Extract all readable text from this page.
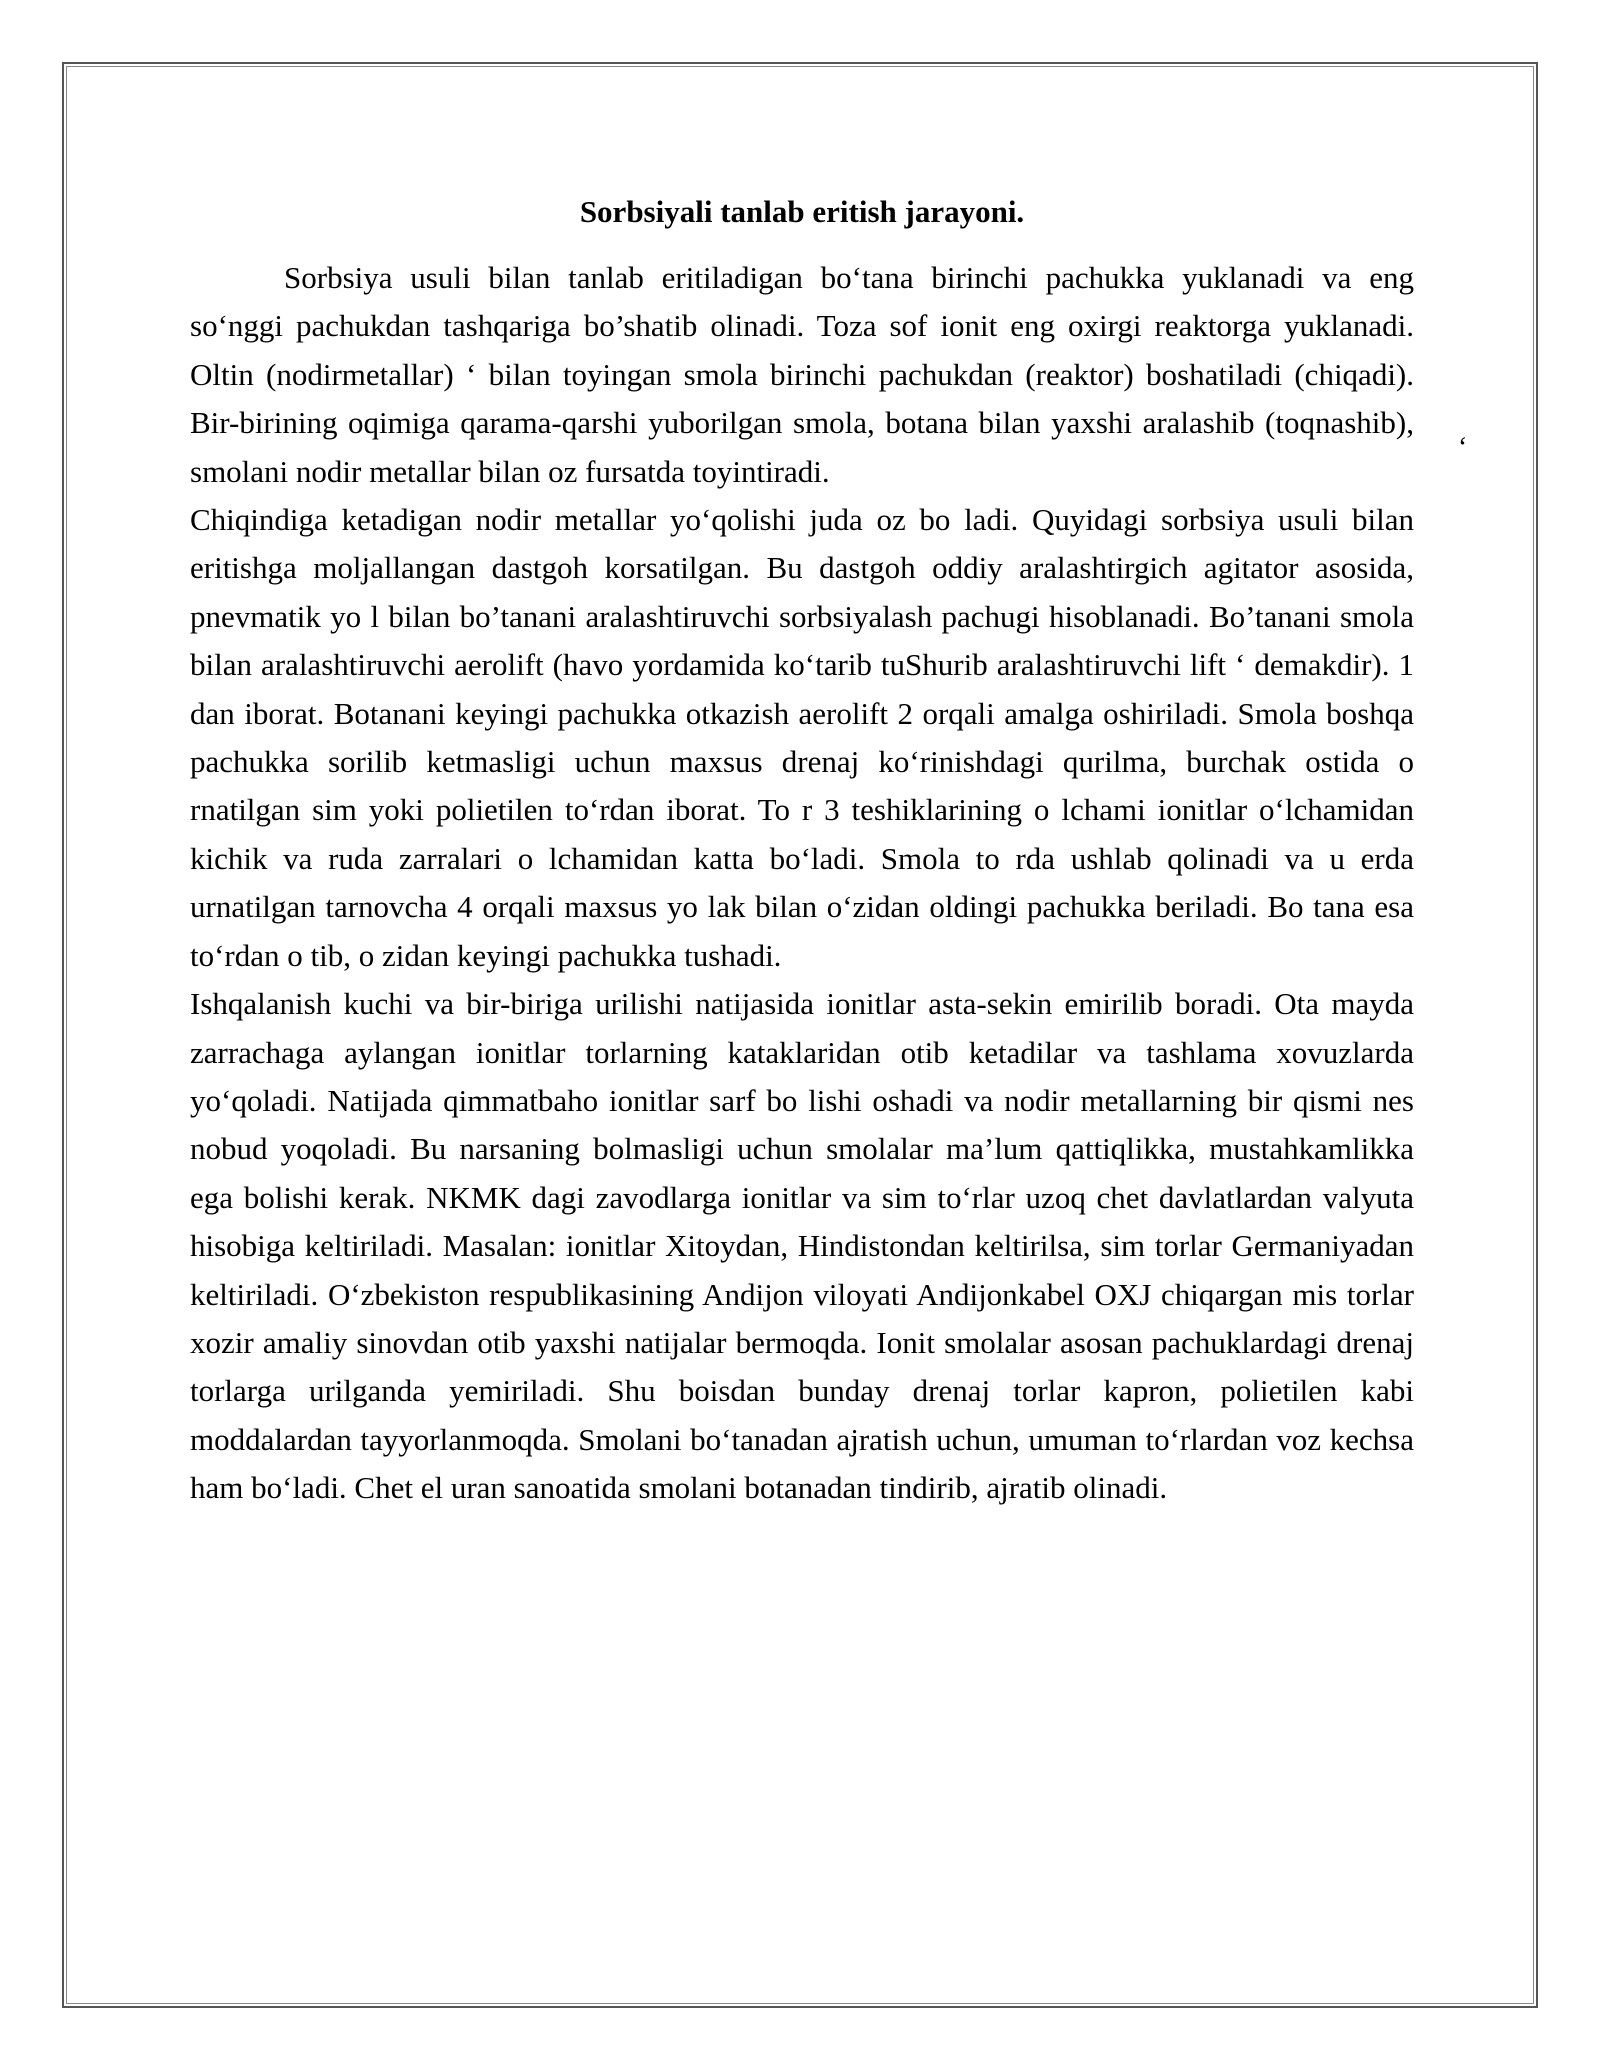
Sorbsiyali tanlab eritish jarayoni.

Sorbsiya usuli bilan tanlab eritiladigan boʻtana birinchi pachukka yuklanadi va eng soʻnggi pachukdan tashqariga bo’shatib olinadi. Toza sof ionit eng oxirgi reaktorga yuklanadi. Oltin (nodirmetallar) ʻ bilan toyingan smola birinchi pachukdan (reaktor) boshatiladi (chiqadi). Bir-birining oqimiga qarama-qarshi yuborilgan smola, botana bilan yaxshi aralashib (toqnashib), smolani nodir metallar bilan oz fursatda toyintiradi.

Chiqindiga ketadigan nodir metallar yoʻqolishi juda oz bo ladi. Quyidagi sorbsiya usuli bilan eritishga moljallangan dastgoh korsatilgan. Bu dastgoh oddiy aralashtirgich agitator asosida, pnevmatik yo l bilan bo’tanani aralashtiruvchi sorbsiyalash pachugi hisoblanadi. Bo’tanani smola bilan aralashtiruvchi aerolift (havo yordamida koʻtarib tuShurib aralashtiruvchi lift ʻ demakdir). 1 dan iborat. Botanani keyingi pachukka otkazish aerolift 2 orqali amalga oshiriladi. Smola boshqa pachukka sorilib ketmasligi uchun maxsus drenaj koʻrinishdagi qurilma, burchak ostida o rnatilgan sim yoki polietilen toʻrdan iborat. To r 3 teshiklarining o lchami ionitlar oʻlchamidan kichik va ruda zarralari o lchamidan katta boʻladi. Smola to rda ushlab qolinadi va u erda urnatilgan tarnovcha 4 orqali maxsus yo lak bilan oʻzidan oldingi pachukka beriladi. Bo tana esa toʻrdan o tib, o zidan keyingi pachukka tushadi.

Ishqalanish kuchi va bir-biriga urilishi natijasida ionitlar asta-sekin emirilib boradi. Ota mayda zarrachaga aylangan ionitlar torlarning kataklaridan otib ketadilar va tashlama xovuzlarda yoʻqoladi. Natijada qimmatbaho ionitlar sarf bo lishi oshadi va nodir metallarning bir qismi nes nobud yoqoladi. Bu narsaning bolmasligi uchun smolalar ma’lum qattiqlikka, mustahkamlikka ega bolishi kerak. NKMK dagi zavodlarga ionitlar va sim toʻrlar uzoq chet davlatlardan valyuta hisobiga keltiriladi. Masalan: ionitlar Xitoydan, Hindistondan keltirilsa, sim torlar Germaniyadan keltiriladi. Oʻzbekiston respublikasining Andijon viloyati Andijonkabel OXJ chiqargan mis torlar xozir amaliy sinovdan otib yaxshi natijalar bermoqda. Ionit smolalar asosan pachuklardagi drenaj torlarga urilganda yemiriladi. Shu boisdan bunday drenaj torlar kapron, polietilen kabi moddalardan tayyorlanmoqda. Smolani boʻtanadan ajratish uchun, umuman toʻrlardan voz kechsa ham boʻladi. Chet el uran sanoatida smolani botanadan tindirib, ajratib olinadi.

ʻ
